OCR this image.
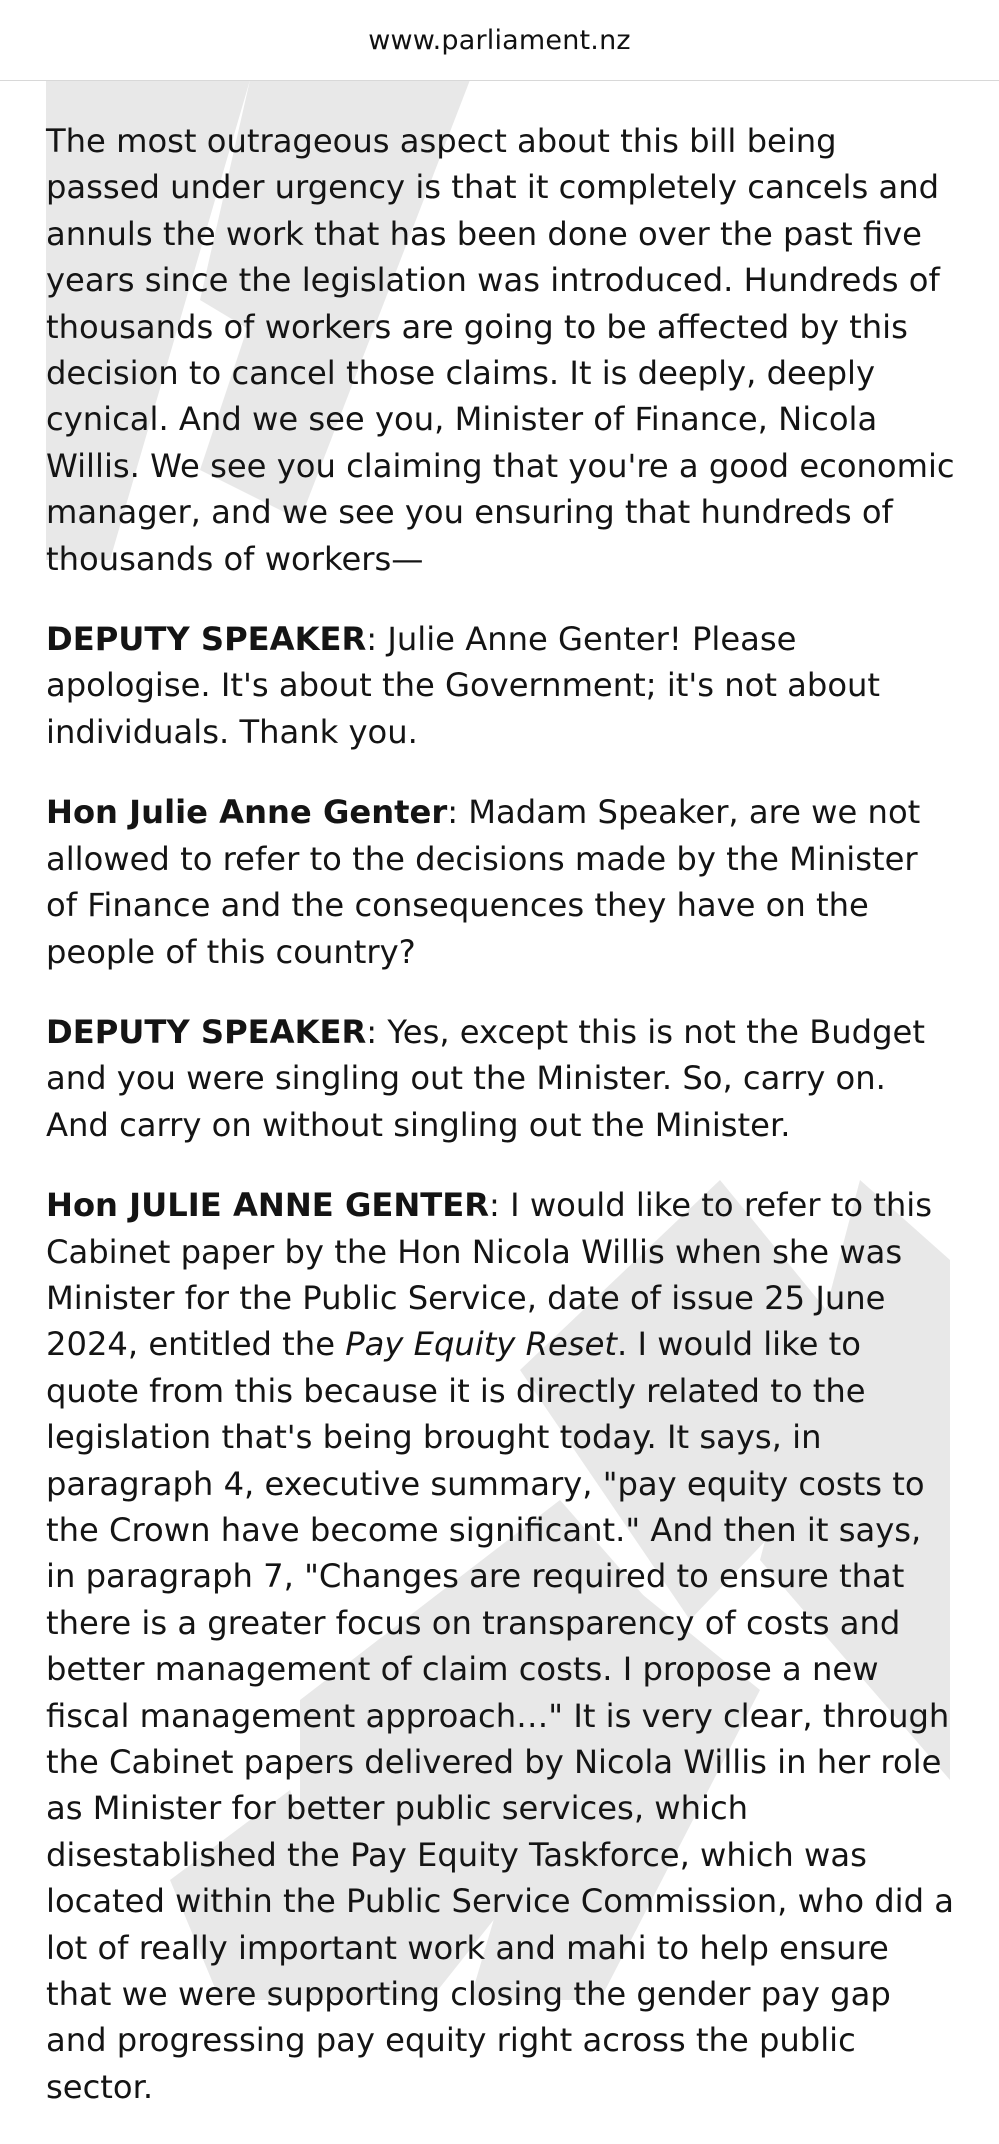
www.parliament.nz

The most outrageous aspect about this bill being passed under urgency is that it completely cancels and annuls the work that has been done over the past five years since the legislation was introduced. Hundreds of thousands of workers are going to be affected by this decision to cancel those claims. It is deeply, deeply cynical. And we see you, Minister of Finance, Nicola Willis. We see you claiming that you're a good economic manager, and we see you ensuring that hundreds of thousands of workers—

DEPUTY SPEAKER: Julie Anne Genter! Please apologise. It's about the Government; it's not about individuals. Thank you.

Hon Julie Anne Genter: Madam Speaker, are we not allowed to refer to the decisions made by the Minister of Finance and the consequences they have on the people of this country?

DEPUTY SPEAKER: Yes, except this is not the Budget and you were singling out the Minister. So, carry on. And carry on without singling out the Minister.

Hon JULIE ANNE GENTER: I would like to refer to this Cabinet paper by the Hon Nicola Willis when she was Minister for the Public Service, date of issue 25 June 2024, entitled the Pay Equity Reset. I would like to quote from this because it is directly related to the legislation that's being brought today. It says, in paragraph 4, executive summary, "pay equity costs to the Crown have become significant." And then it says, in paragraph 7, "Changes are required to ensure that there is a greater focus on transparency of costs and better management of claim costs. I propose a new fiscal management approach…" It is very clear, through the Cabinet papers delivered by Nicola Willis in her role as Minister for better public services, which disestablished the Pay Equity Taskforce, which was located within the Public Service Commission, who did a lot of really important work and mahi to help ensure that we were supporting closing the gender pay gap and progressing pay equity right across the public sector.
